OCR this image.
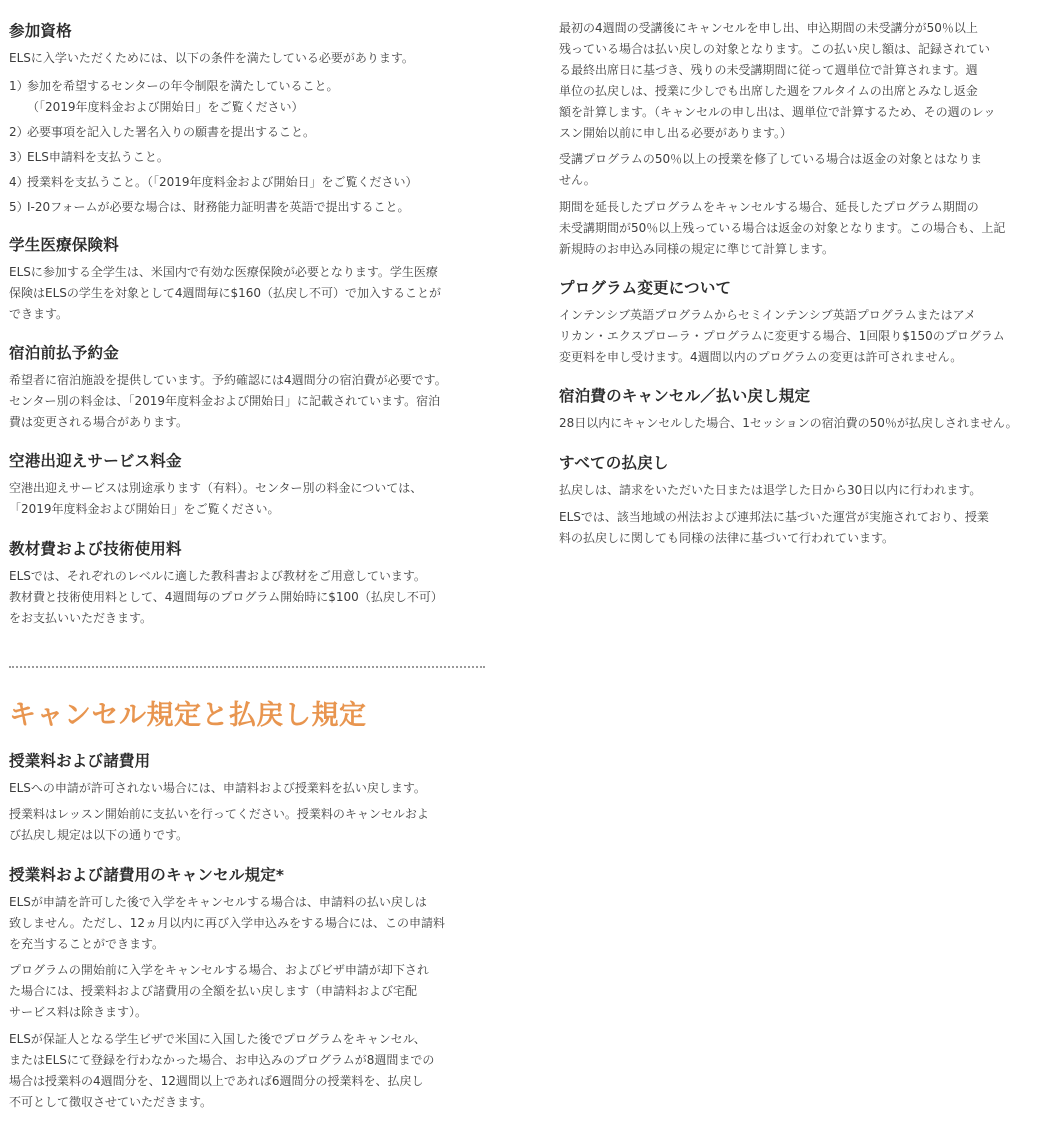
参加資格

ELSに入学いただくためには、以下の条件を満たしている必要があります。

1）参加を希望するセンターの年令制限を満たしていること。
（「2019年度料金および開始日」をご覧ください）
2）必要事項を記入した署名入りの願書を提出すること。
3）ELS申請料を支払うこと。
4）授業料を支払うこと。（「2019年度料金および開始日」をご覧ください）
5）I-20フォームが必要な場合は、財務能力証明書を英語で提出すること。
学生医療保険料

ELSに参加する全学生は、米国内で有効な医療保険が必要となります。学生医療

保険はELSの学生を対象として4週間毎に$160（払戻し不可）で加入することが

できます。

宿泊前払予約金

希望者に宿泊施設を提供しています。予約確認には4週間分の宿泊費が必要です。

センター別の料金は、「2019年度料金および開始日」に記載されています。宿泊

費は変更される場合があります。

空港出迎えサービス料金

空港出迎えサービスは別途承ります（有料）。センター別の料金については、

「2019年度料金および開始日」をご覧ください。

教材費および技術使用料

ELSでは、それぞれのレベルに適した教科書および教材をご用意しています。

教材費と技術使用料として、4週間毎のプログラム開始時に$100（払戻し不可）

をお支払いいただきます。

キャンセル規定と払戻し規定
授業料および諸費用

ELSへの申請が許可されない場合には、申請料および授業料を払い戻します。

授業料はレッスン開始前に支払いを行ってください。授業料のキャンセルおよ

び払戻し規定は以下の通りです。

授業料および諸費用のキャンセル規定*

ELSが申請を許可した後で入学をキャンセルする場合は、申請料の払い戻しは

致しません。ただし、12ヵ月以内に再び入学申込みをする場合には、この申請料

を充当することができます。

プログラムの開始前に入学をキャンセルする場合、およびビザ申請が却下され

た場合には、授業料および諸費用の全額を払い戻します（申請料および宅配

サービス料は除きます）。

ELSが保証人となる学生ビザで米国に入国した後でプログラムをキャンセル、

またはELSにて登録を行わなかった場合、お申込みのプログラムが8週間までの

場合は授業料の4週間分を、12週間以上であれば6週間分の授業料を、払戻し

不可として徴収させていただきます。

最初の4週間の受講後にキャンセルを申し出、申込期間の未受講分が50％以上

残っている場合は払い戻しの対象となります。この払い戻し額は、記録されてい

る最終出席日に基づき、残りの未受講期間に従って週単位で計算されます。週

単位の払戻しは、授業に少しでも出席した週をフルタイムの出席とみなし返金

額を計算します。（キャンセルの申し出は、週単位で計算するため、その週のレッ

スン開始以前に申し出る必要があります。）

受講プログラムの50％以上の授業を修了している場合は返金の対象とはなりま

せん。

期間を延長したプログラムをキャンセルする場合、延長したプログラム期間の

未受講期間が50％以上残っている場合は返金の対象となります。この場合も、上記

新規時のお申込み同様の規定に準じて計算します。

プログラム変更について

インテンシブ英語プログラムからセミインテンシブ英語プログラムまたはアメ

リカン・エクスプローラ・プログラムに変更する場合、1回限り$150のプログラム

変更料を申し受けます。4週間以内のプログラムの変更は許可されません。

宿泊費のキャンセル／払い戻し規定

28日以内にキャンセルした場合、1セッションの宿泊費の50％が払戻しされません。

すべての払戻し

払戻しは、請求をいただいた日または退学した日から30日以内に行われます。

ELSでは、該当地域の州法および連邦法に基づいた運営が実施されており、授業

料の払戻しに関しても同様の法律に基づいて行われています。
